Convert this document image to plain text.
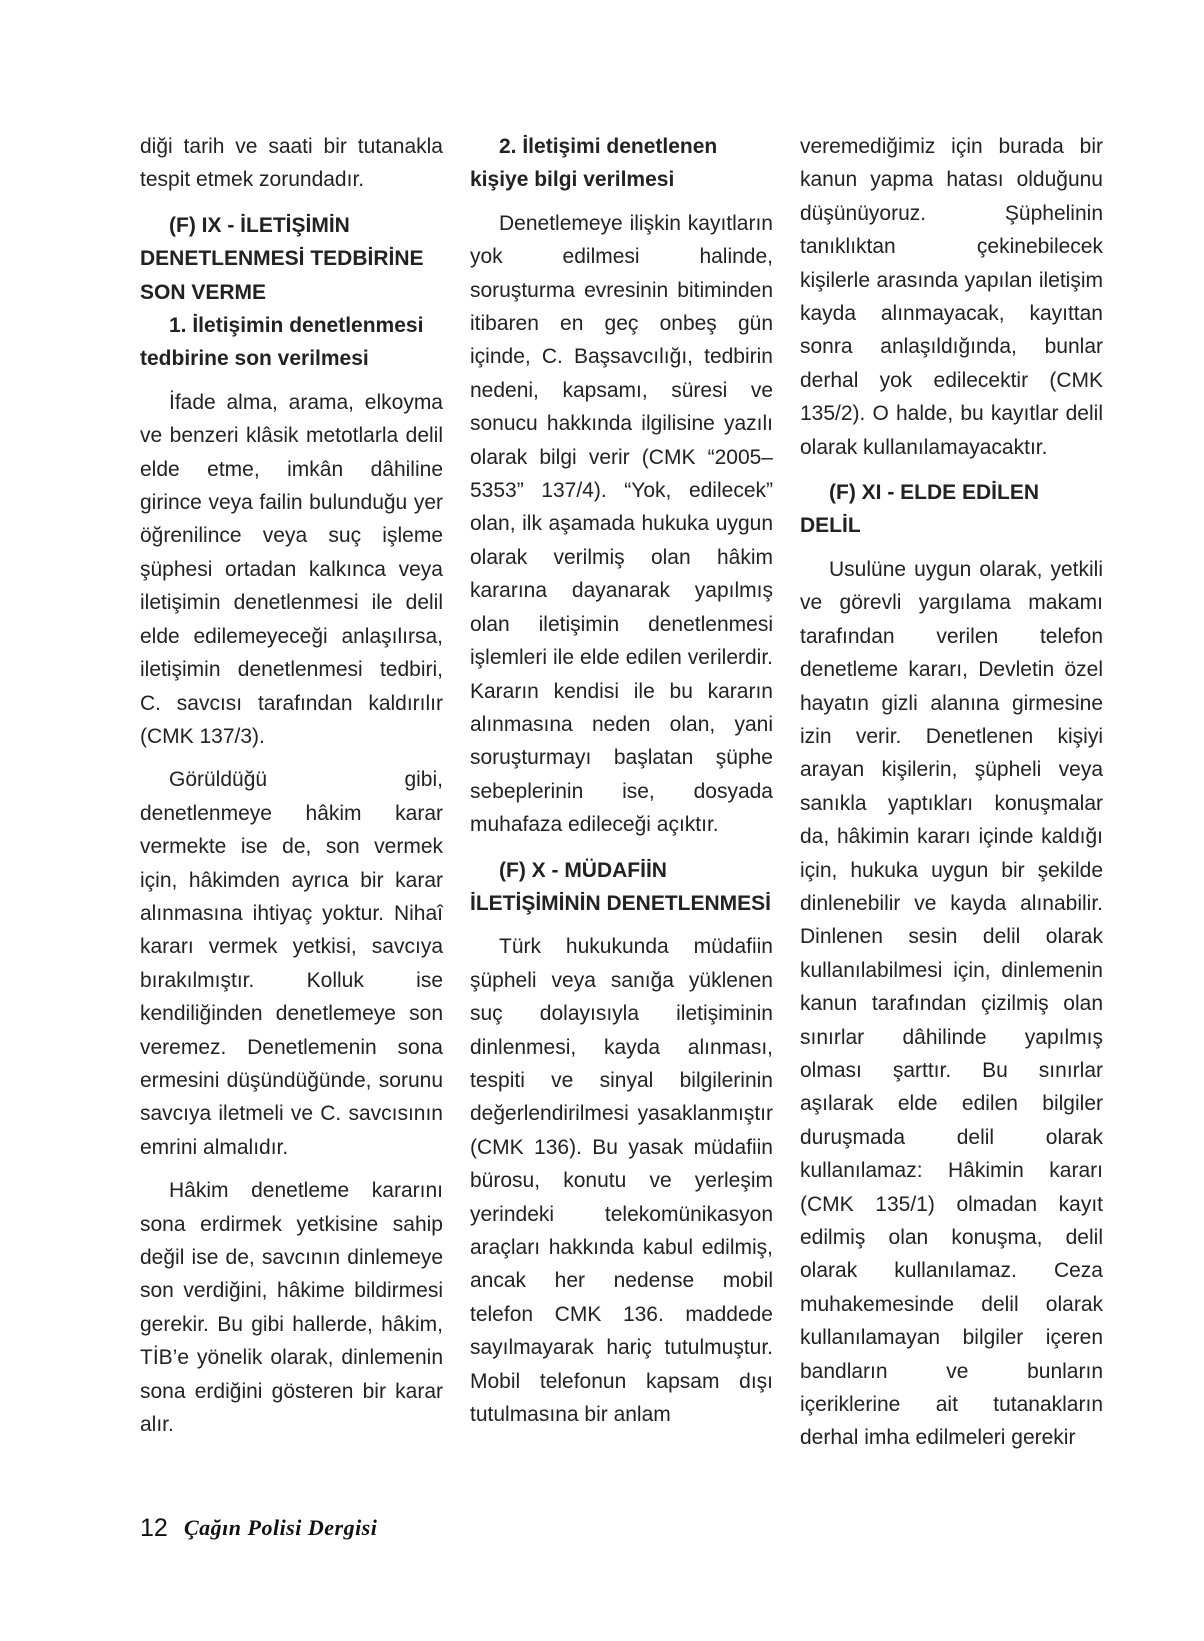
diği tarih ve saati bir tutanakla tespit etmek zorundadır.

(F) IX - İLETİŞİMİN DENETLENMESİ TEDBİRİNE SON VERME
1. İletişimin denetlenmesi tedbirine son verilmesi

İfade alma, arama, elkoyma ve benzeri klâsik metotlarla delil elde etme, imkân dâhiline girince veya failin bulunduğu yer öğrenilince veya suç işleme şüphesi ortadan kalkınca veya iletişimin denetlenmesi ile delil elde edilemeyeceği anlaşılırsa, iletişimin denetlenmesi tedbiri, C. savcısı tarafından kaldırılır (CMK 137/3).

Görüldüğü gibi, denetlenmeye hâkim karar vermekte ise de, son vermek için, hâkimden ayrıca bir karar alınmasına ihtiyaç yoktur. Nihaî kararı vermek yetkisi, savcıya bırakılmıştır. Kolluk ise kendiliğinden denetlemeye son veremez. Denetlemenin sona ermesini düşündüğünde, sorunu savcıya iletmeli ve C. savcısının emrini almalıdır.

Hâkim denetleme kararını sona erdirmek yetkisine sahip değil ise de, savcının dinlemeye son verdiğini, hâkime bildirmesi gerekir. Bu gibi hallerde, hâkim, TİB’e yönelik olarak, dinlemenin sona erdiğini gösteren bir karar alır.

2. İletişimi denetlenen kişiye bilgi verilmesi

Denetlemeye ilişkin kayıtların yok edilmesi halinde, soruşturma evresinin bitiminden itibaren en geç onbeş gün içinde, C. Başsavcılığı, tedbirin nedeni, kapsamı, süresi ve sonucu hakkında ilgilisine yazılı olarak bilgi verir (CMK “2005–5353” 137/4). “Yok, edilecek” olan, ilk aşamada hukuka uygun olarak verilmiş olan hâkim kararına dayanarak yapılmış olan iletişimin denetlenmesi işlemleri ile elde edilen verilerdir. Kararın kendisi ile bu kararın alınmasına neden olan, yani soruşturmayı başlatan şüphe sebeplerinin ise, dosyada muhafaza edileceği açıktır.

(F) X - MÜDAFİİN İLETİŞİMİNİN DENETLENMESİ

Türk hukukunda müdafiin şüpheli veya sanığa yüklenen suç dolayısıyla iletişiminin dinlenmesi, kayda alınması, tespiti ve sinyal bilgilerinin değerlendirilmesi yasaklanmıştır (CMK 136). Bu yasak müdafiin bürosu, konutu ve yerleşim yerindeki telekomünikasyon araçları hakkında kabul edilmiş, ancak her nedense mobil telefon CMK 136. maddede sayılmayarak hariç tutulmuştur. Mobil telefonun kapsam dışı tutulmasına bir anlam

veremediğimiz için burada bir kanun yapma hatası olduğunu düşünüyoruz. Şüphelinin tanıklıktan çekinebilecek kişilerle arasında yapılan iletişim kayda alınmayacak, kayıttan sonra anlaşıldığında, bunlar derhal yok edilecektir (CMK 135/2). O halde, bu kayıtlar delil olarak kullanılamayacaktır.

(F) XI - ELDE EDİLEN DELİL

Usulüne uygun olarak, yetkili ve görevli yargılama makamı tarafından verilen telefon denetleme kararı, Devletin özel hayatın gizli alanına girmesine izin verir. Denetlenen kişiyi arayan kişilerin, şüpheli veya sanıkla yaptıkları konuşmalar da, hâkimin kararı içinde kaldığı için, hukuka uygun bir şekilde dinlenebilir ve kayda alınabilir. Dinlenen sesin delil olarak kullanılabilmesi için, dinlemenin kanun tarafından çizilmiş olan sınırlar dâhilinde yapılmış olması şarttır. Bu sınırlar aşılarak elde edilen bilgiler duruşmada delil olarak kullanılamaz: Hâkimin kararı (CMK 135/1) olmadan kayıt edilmiş olan konuşma, delil olarak kullanılamaz. Ceza muhakemesinde delil olarak kullanılamayan bilgiler içeren bandların ve bunların içeriklerine ait tutanakların derhal imha edilmeleri gerekir

12 Çağın Polisi Dergisi
